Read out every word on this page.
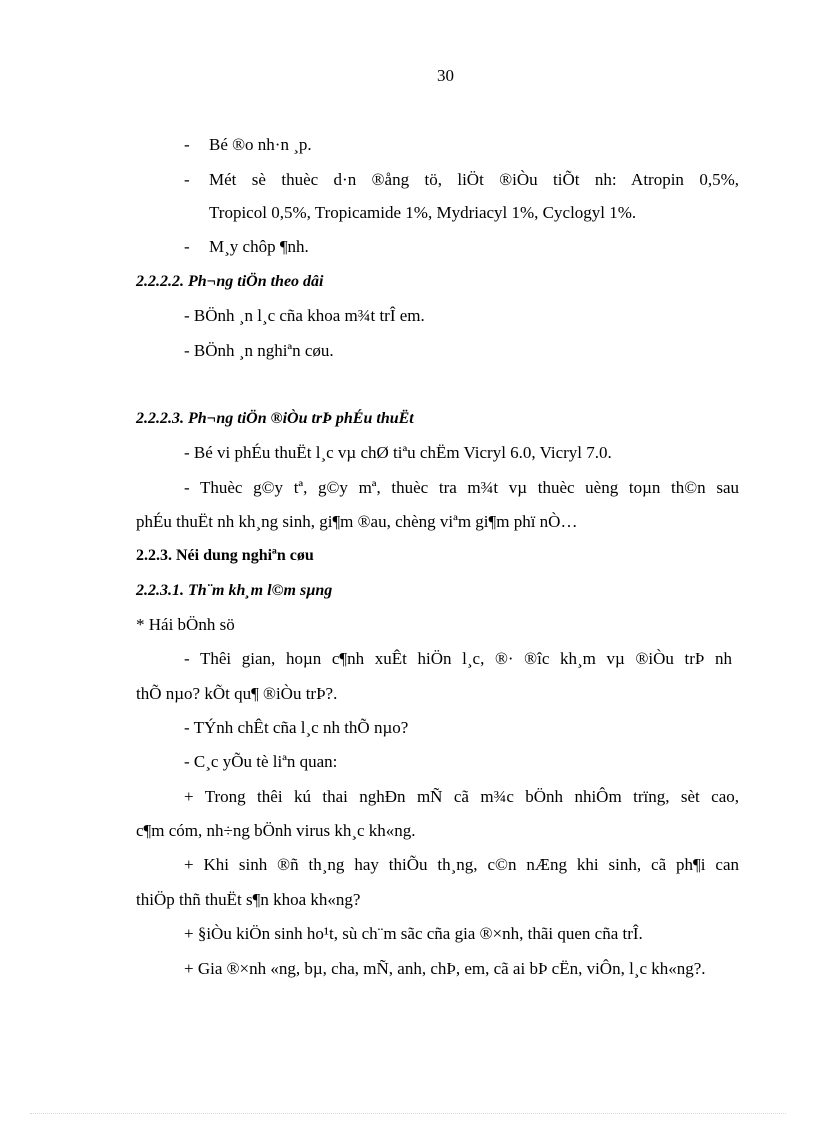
30
- Bé ®o nh·n ¸p.
- Mét sè thuèc d·n ®ång tö, liÖt ®iÒu tiÕt nh: Atropin 0,5%,
Tropicol 0,5%, Tropicamide 1%, Mydriacyl 1%, Cyclogyl 1%.
- M¸y chôp ¶nh.
2.2.2.2. Ph¬ng tiÖn theo dâi
- BÖnh ¸n l¸c cña khoa m¾t trÎ em.
- BÖnh ¸n nghiªn cøu.
2.2.2.3. Ph¬ng tiÖn ®iÒu trÞ phÉu thuËt
- Bé vi phÉu thuËt l¸c vµ chØ tiªu chËm Vicryl 6.0, Vicryl 7.0.
- Thuèc g©y tª, g©y mª, thuèc tra m¾t vµ thuèc uèng toµn th©n sau
phÉu thuËt nh kh¸ng sinh, gi¶m ®au, chèng viªm gi¶m phï nÒ…
2.2.3. Néi dung nghiªn cøu
2.2.3.1. Th¨m kh¸m l©m sµng
* Hái bÖnh sö
- Thêi gian, hoµn c¶nh xuÊt hiÖn l¸c, ®· ®îc kh¸m vµ ®iÒu trÞ nh
thÕ nµo? kÕt qu¶ ®iÒu trÞ?.
- TÝnh chÊt cña l¸c nh thÕ nµo?
- C¸c yÕu tè liªn quan:
+ Trong thêi kú thai nghÐn mÑ cã m¾c bÖnh nhiÔm trïng, sèt cao,
c¶m cóm, nh÷ng bÖnh virus kh¸c kh«ng.
+ Khi sinh ®ñ th¸ng hay thiÕu th¸ng, c©n nÆng khi sinh, cã ph¶i can
thiÖp thñ thuËt s¶n khoa kh«ng?
+ §iÒu kiÖn sinh ho¹t, sù ch¨m sãc cña gia ®×nh, thãi quen cña trÎ.
+ Gia ®×nh «ng, bµ, cha, mÑ, anh, chÞ, em, cã ai bÞ cËn, viÔn, l¸c kh«ng?.
